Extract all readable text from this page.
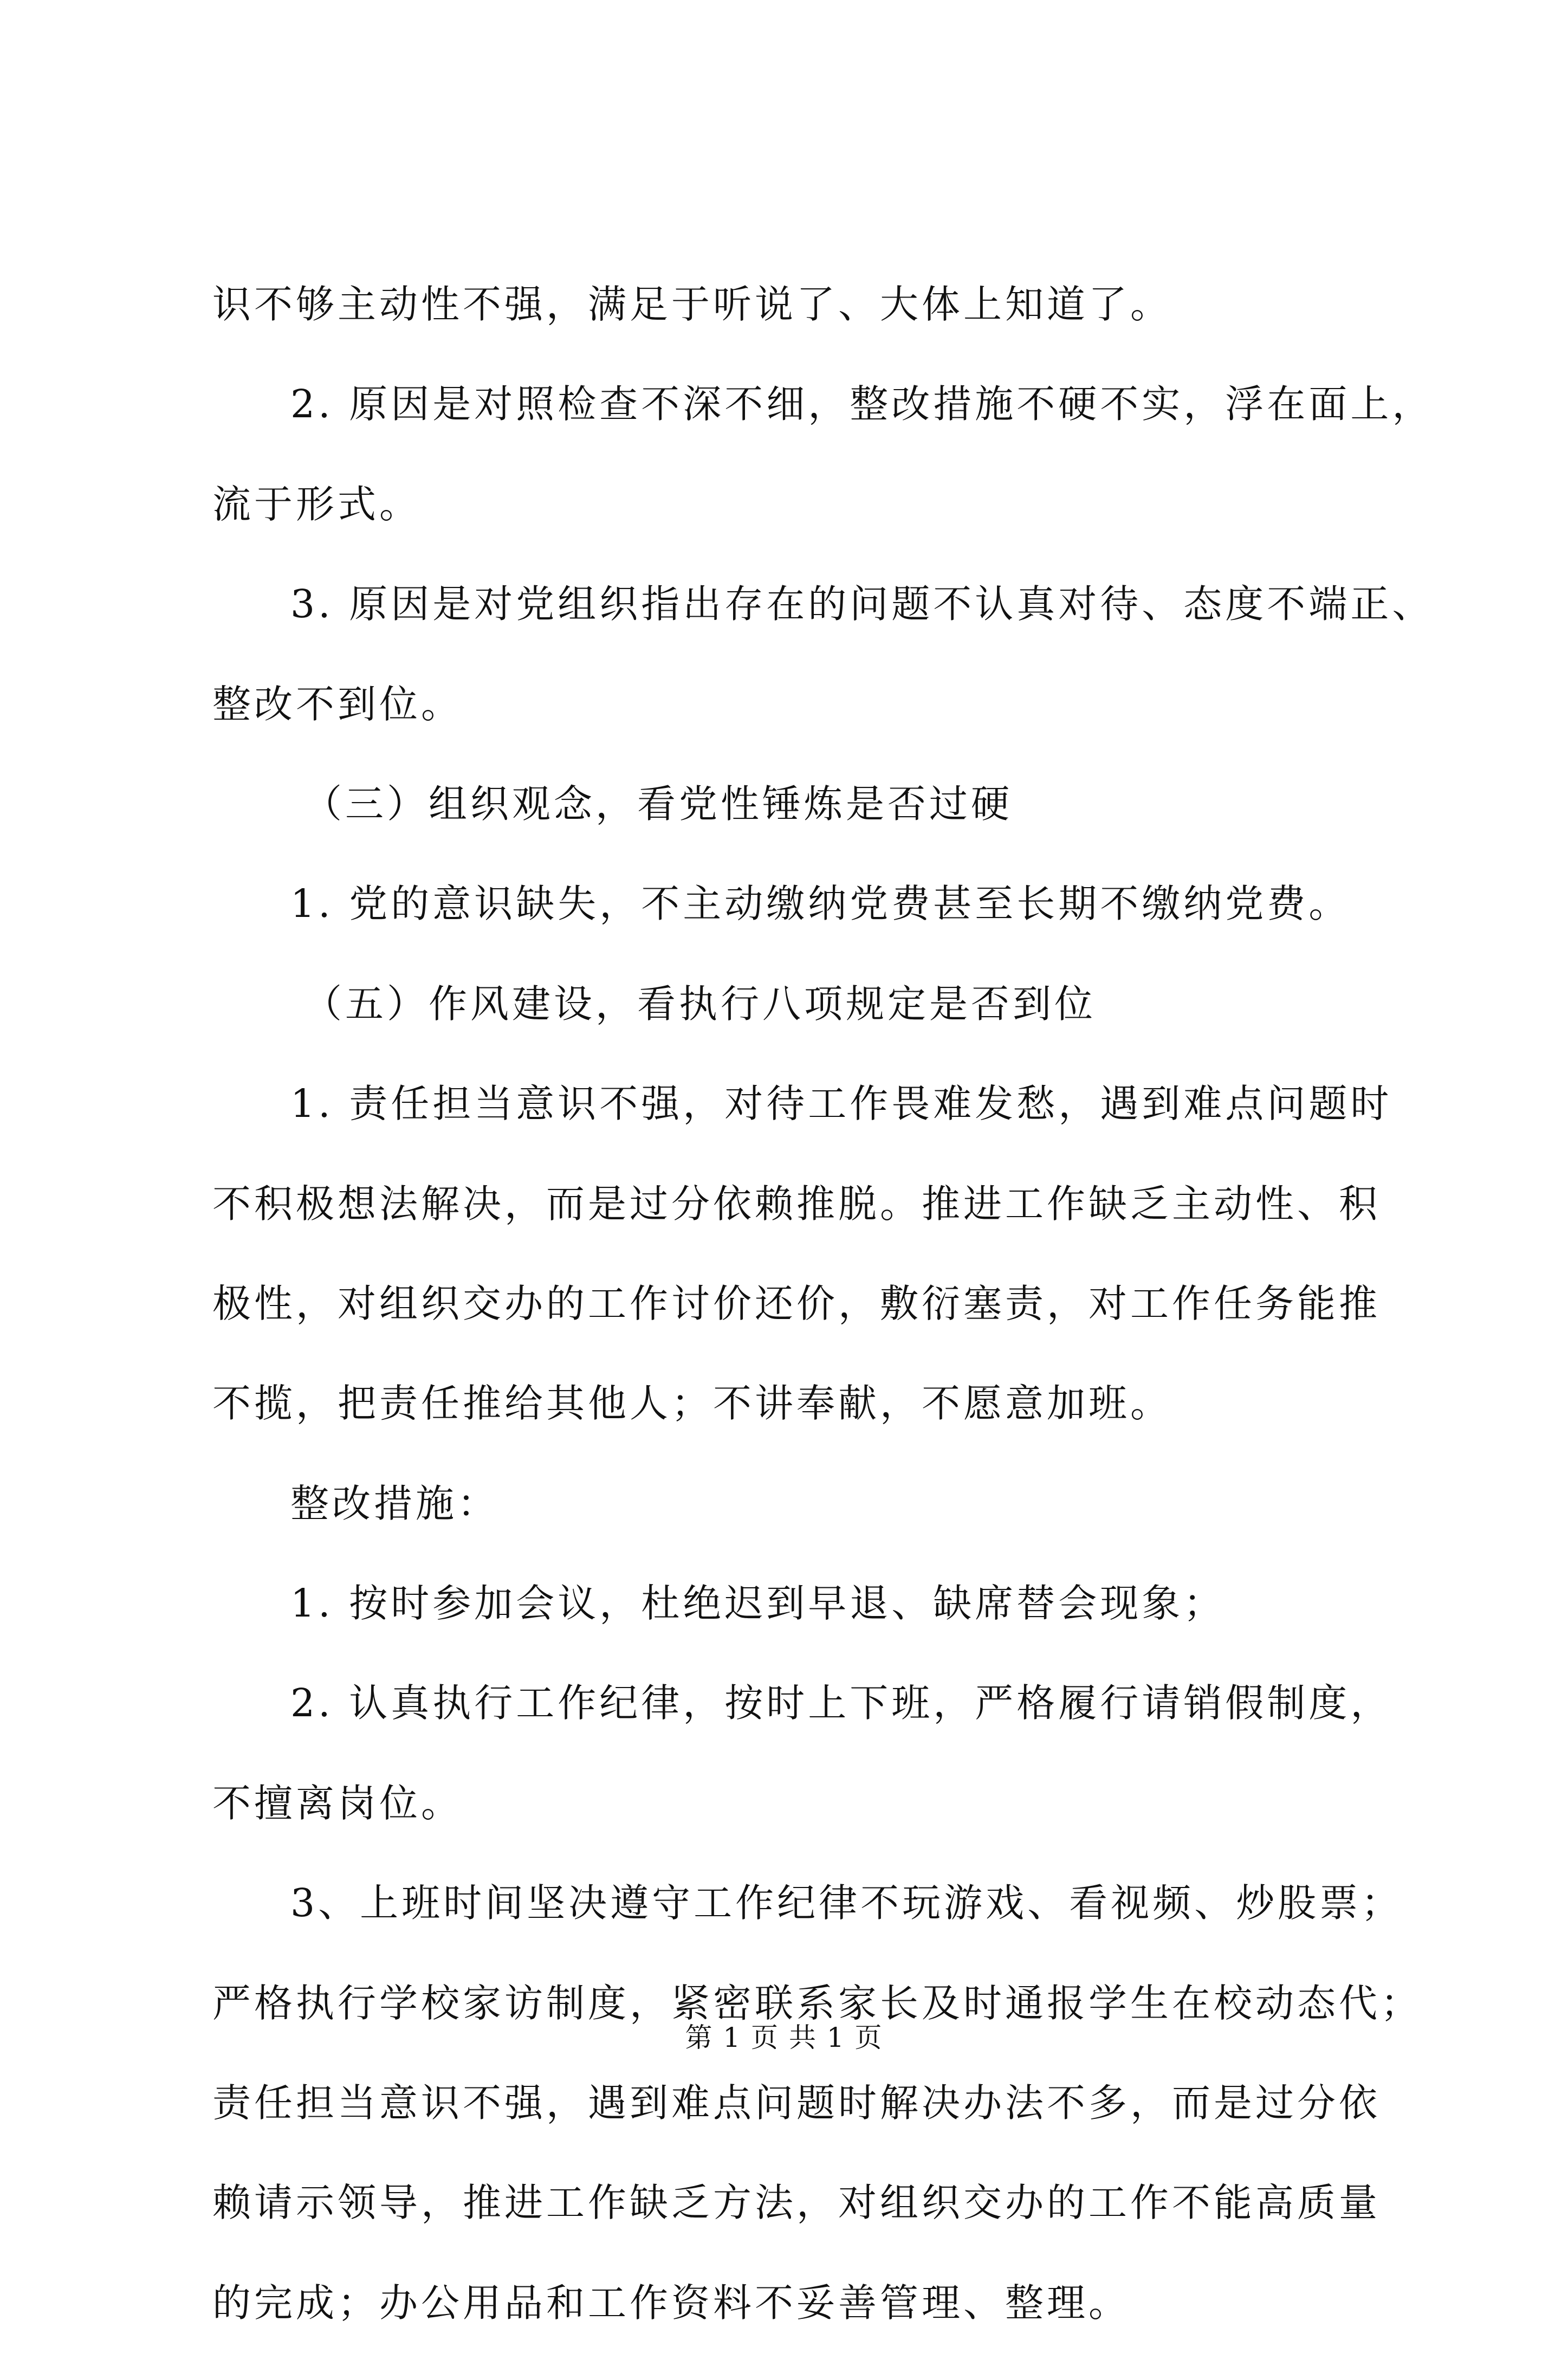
识不够主动性不强，满足于听说了、大体上知道了。
2. 原因是对照检查不深不细，整改措施不硬不实，浮在面上，
流于形式。
3. 原因是对党组织指出存在的问题不认真对待、态度不端正、
整改不到位。
（三）组织观念，看党性锤炼是否过硬
1. 党的意识缺失，不主动缴纳党费甚至长期不缴纳党费。
（五）作风建设，看执行八项规定是否到位
1. 责任担当意识不强，对待工作畏难发愁，遇到难点问题时
不积极想法解决，而是过分依赖推脱。推进工作缺乏主动性、积
极性，对组织交办的工作讨价还价，敷衍塞责，对工作任务能推
不揽，把责任推给其他人；不讲奉献，不愿意加班。
整改措施：
1. 按时参加会议，杜绝迟到早退、缺席替会现象；
2. 认真执行工作纪律，按时上下班，严格履行请销假制度，
不擅离岗位。
3、上班时间坚决遵守工作纪律不玩游戏、看视频、炒股票；
严格执行学校家访制度，紧密联系家长及时通报学生在校动态代；
责任担当意识不强，遇到难点问题时解决办法不多，而是过分依
赖请示领导，推进工作缺乏方法，对组织交办的工作不能高质量
的完成；办公用品和工作资料不妥善管理、整理。
第 1 页 共 1 页
